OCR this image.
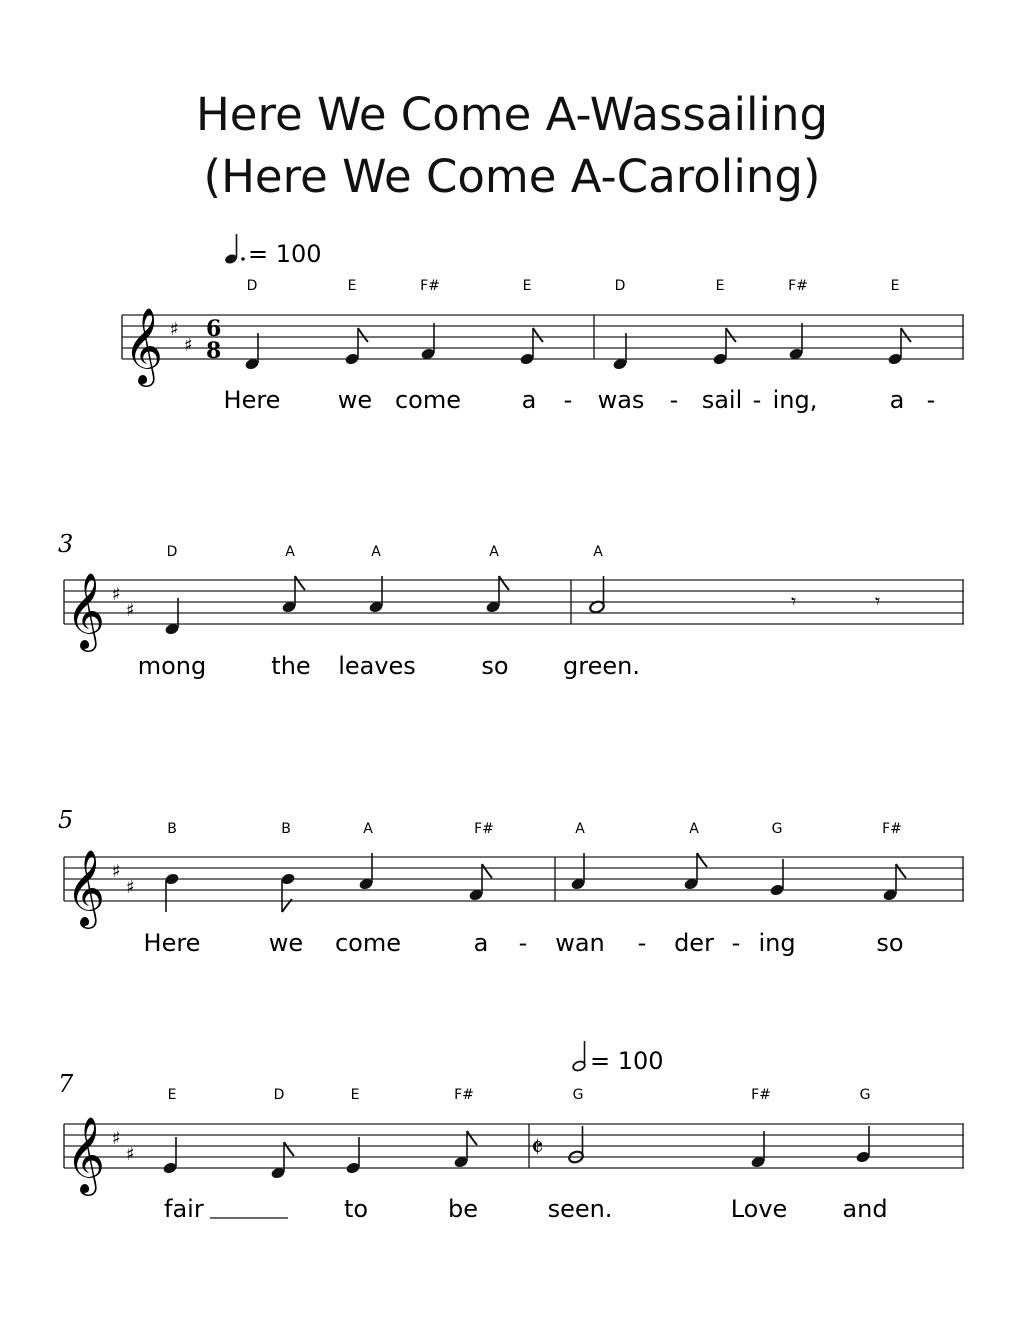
Here We Come A-Wassailing
(Here We Come A-Caroling)
= 100
𝄞 ♯
♯
6
8
D	E	F#	E	D	E	F#	E
Here we come	a - was - sail - ing,	a -
3
𝄞 ♯
♯	𝄾	𝄾
D	A	A	A	A
mong	the leaves	so green.
5
𝄞 ♯
♯
B	B	A	F#	A	A	G	F#
Here	we come	a - wan - der - ing	so
7
= 100
𝄞 ♯
♯	𝄵
E	D	E	F#	G	F#	G
fair	to	be	seen.	Love and
